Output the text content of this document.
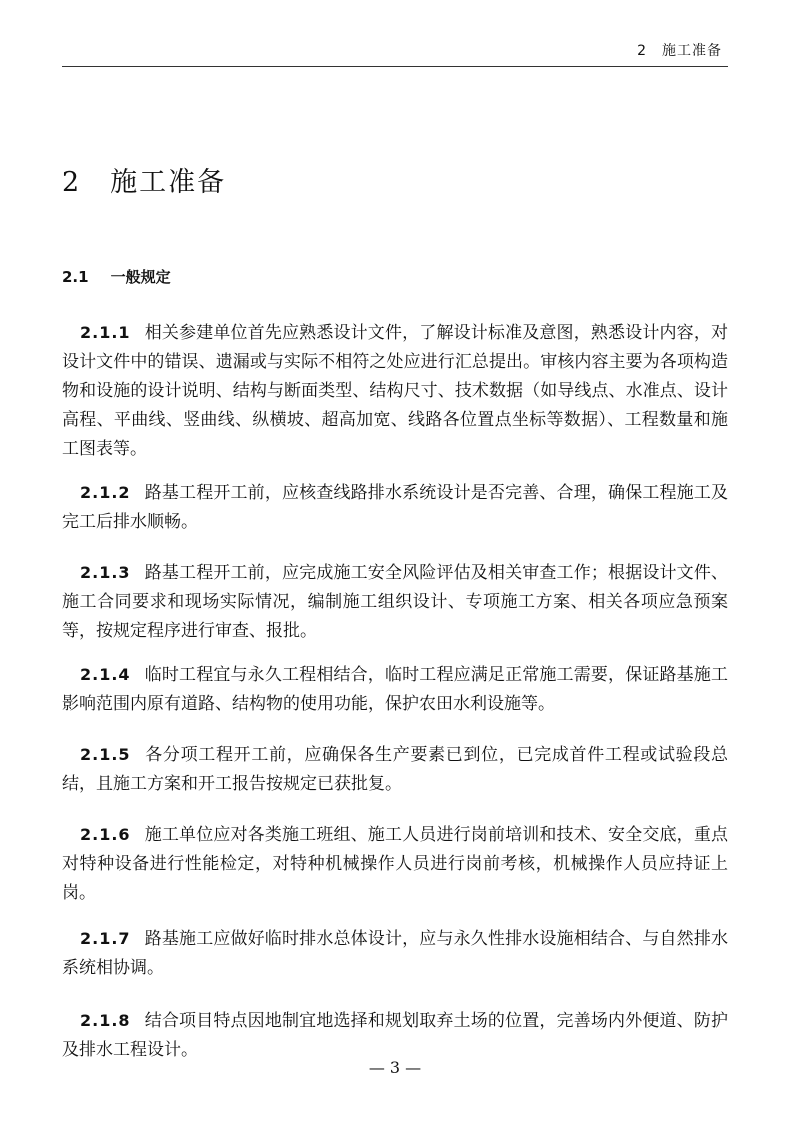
2　施工准备
2　施工准备
2.1 一般规定

2.1.1 相关参建单位首先应熟悉设计文件，了解设计标准及意图，熟悉设计内容，对设计文件中的错误、遗漏或与实际不相符之处应进行汇总提出。审核内容主要为各项构造物和设施的设计说明、结构与断面类型、结构尺寸、技术数据（如导线点、水准点、设计高程、平曲线、竖曲线、纵横坡、超高加宽、线路各位置点坐标等数据）、工程数量和施工图表等。

2.1.2 路基工程开工前，应核查线路排水系统设计是否完善、合理，确保工程施工及完工后排水顺畅。

2.1.3 路基工程开工前，应完成施工安全风险评估及相关审查工作；根据设计文件、施工合同要求和现场实际情况，编制施工组织设计、专项施工方案、相关各项应急预案等，按规定程序进行审查、报批。

2.1.4 临时工程宜与永久工程相结合，临时工程应满足正常施工需要，保证路基施工影响范围内原有道路、结构物的使用功能，保护农田水利设施等。

2.1.5 各分项工程开工前，应确保各生产要素已到位，已完成首件工程或试验段总结，且施工方案和开工报告按规定已获批复。

2.1.6 施工单位应对各类施工班组、施工人员进行岗前培训和技术、安全交底，重点对特种设备进行性能检定，对特种机械操作人员进行岗前考核，机械操作人员应持证上岗。

2.1.7 路基施工应做好临时排水总体设计，应与永久性排水设施相结合、与自然排水系统相协调。

2.1.8 结合项目特点因地制宜地选择和规划取弃土场的位置，完善场内外便道、防护及排水工程设计。

— 3 —
